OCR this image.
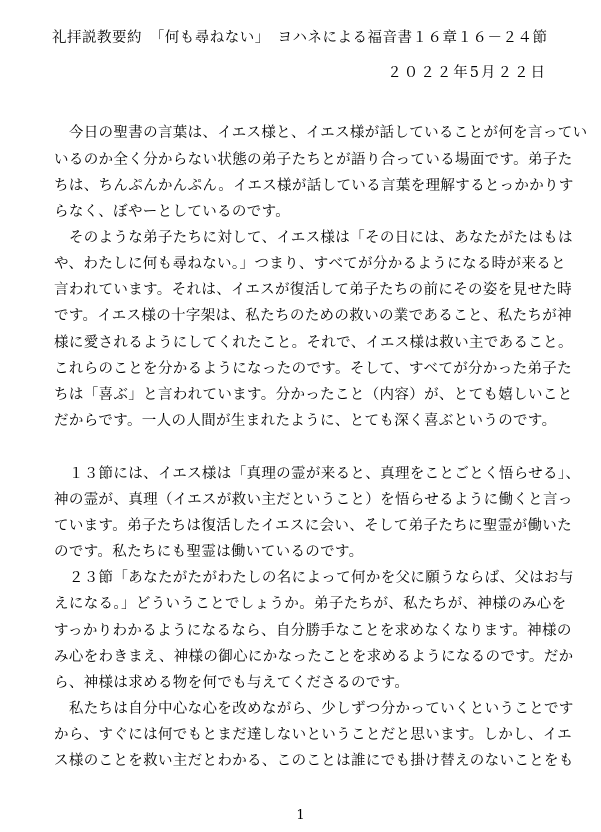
礼拝説教要約　「何も尋ねない」　ヨハネによる福音書１６章１６－２４節
２０２２年5月２２日
　今日の聖書の言葉は、イエス様と、イエス様が話していることが何を言ってい
いるのか全く分からない状態の弟子たちとが語り合っている場面です。弟子た
ちは、ちんぷんかんぷん。イエス様が話している言葉を理解するとっかかりす
らなく、ぼやーとしているのです。
　そのような弟子たちに対して、イエス様は「その日には、あなたがたはもは
や、わたしに何も尋ねない。」つまり、すべてが分かるようになる時が来ると
言われています。それは、イエスが復活して弟子たちの前にその姿を見せた時
です。イエス様の十字架は、私たちのための救いの業であること、私たちが神
様に愛されるようにしてくれたこと。それで、イエス様は救い主であること。
これらのことを分かるようになったのです。そして、すべてが分かった弟子た
ちは「喜ぶ」と言われています。分かったこと（内容）が、とても嬉しいこと
だからです。一人の人間が生まれたように、とても深く喜ぶというのです。
　１３節には、イエス様は「真理の霊が来ると、真理をことごとく悟らせる」、
神の霊が、真理（イエスが救い主だということ）を悟らせるように働くと言っ
ています。弟子たちは復活したイエスに会い、そして弟子たちに聖霊が働いた
のです。私たちにも聖霊は働いているのです。
　２３節「あなたがたがわたしの名によって何かを父に願うならば、父はお与
えになる。」どういうことでしょうか。弟子たちが、私たちが、神様のみ心を
すっかりわかるようになるなら、自分勝手なことを求めなくなります。神様の
み心をわきまえ、神様の御心にかなったことを求めるようになるのです。だか
ら、神様は求める物を何でも与えてくださるのです。
　私たちは自分中心な心を改めながら、少しずつ分かっていくということです
から、すぐには何でもとまだ達しないということだと思います。しかし、イエ
ス様のことを救い主だとわかる、このことは誰にでも掛け替えのないことをも
1
